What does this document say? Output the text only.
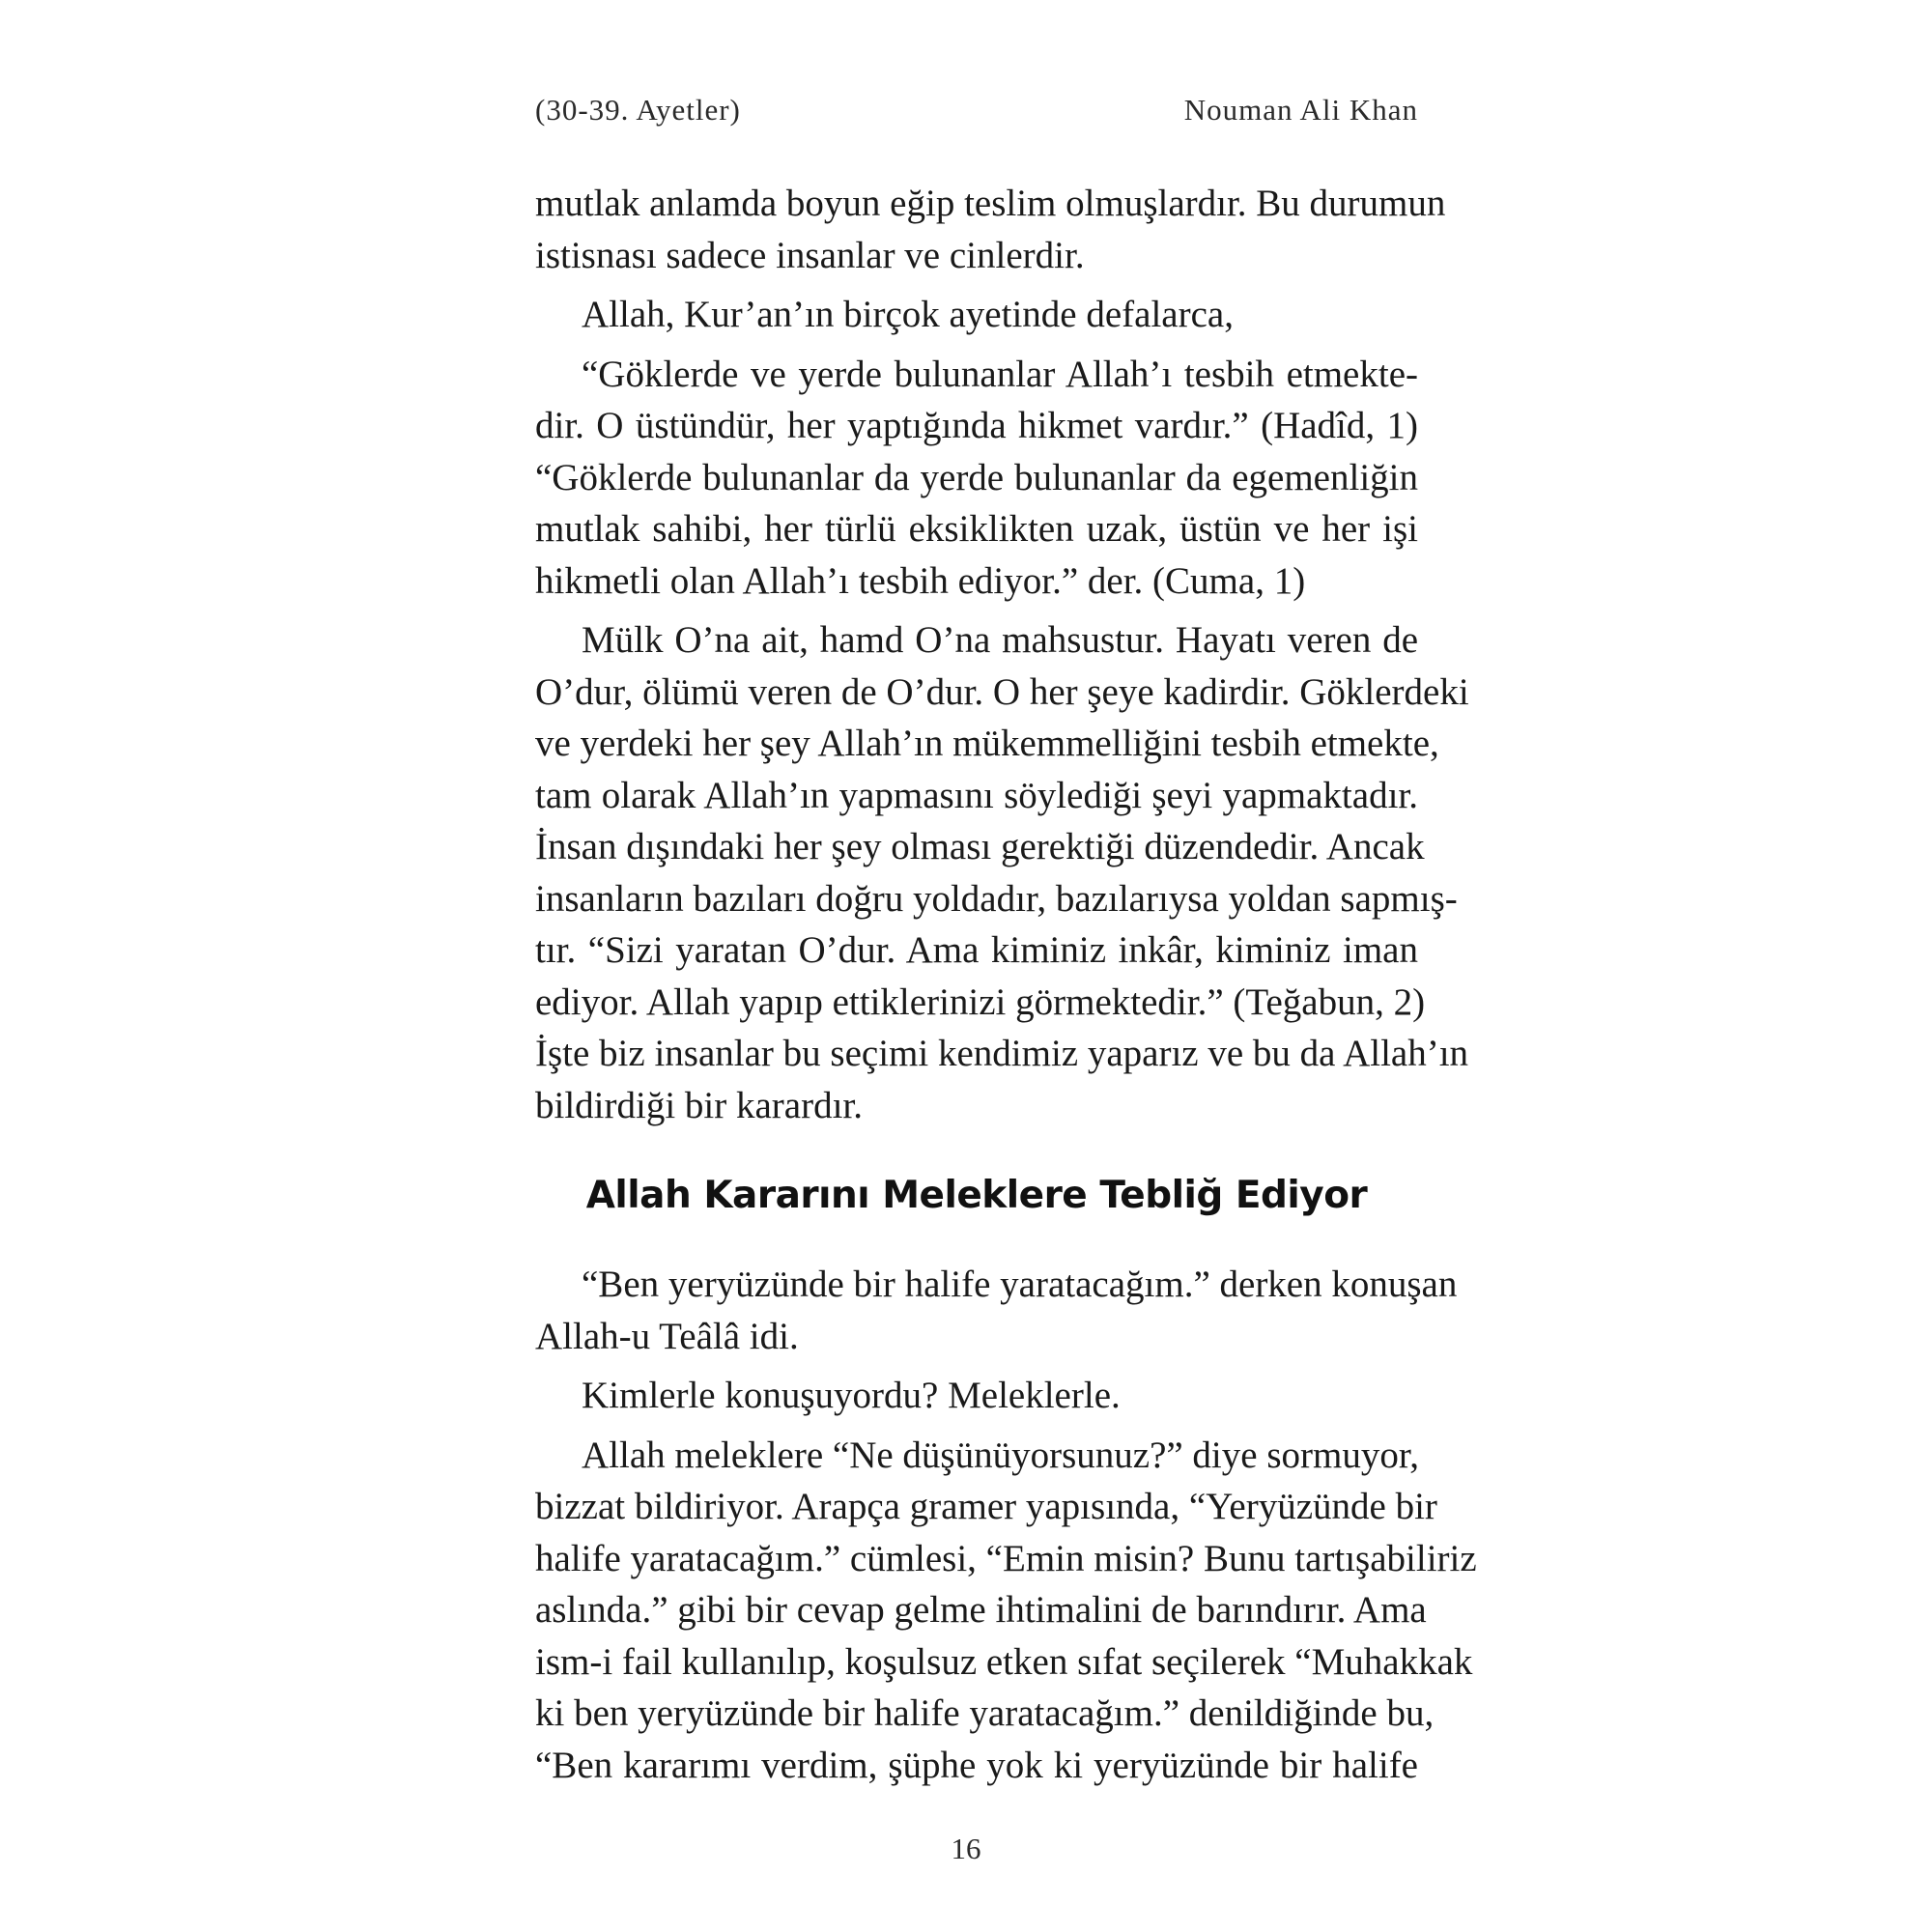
(30-39. Ayetler)	Nouman Ali Khan
mutlak anlamda boyun eğip teslim olmuşlardır. Bu durumun
istisnası sadece insanlar ve cinlerdir.
Allah, Kur’an’ın birçok ayetinde defalarca,
“Göklerde ve yerde bulunanlar Allah’ı tesbih etmekte-
dir. O üstündür, her yaptığında hikmet vardır.” (Hadîd, 1)
“Göklerde bulunanlar da yerde bulunanlar da egemenliğin
mutlak sahibi, her türlü eksiklikten uzak, üstün ve her işi
hikmetli olan Allah’ı tesbih ediyor.” der. (Cuma, 1)
Mülk O’na ait, hamd O’na mahsustur. Hayatı veren de
O’dur, ölümü veren de O’dur. O her şeye kadirdir. Göklerdeki
ve yerdeki her şey Allah’ın mükemmelliğini tesbih etmekte,
tam olarak Allah’ın yapmasını söylediği şeyi yapmaktadır.
İnsan dışındaki her şey olması gerektiği düzendedir. Ancak
insanların bazıları doğru yoldadır, bazılarıysa yoldan sapmış-
tır. “Sizi yaratan O’dur. Ama kiminiz inkâr, kiminiz iman
ediyor. Allah yapıp ettiklerinizi görmektedir.” (Teğabun, 2)
İşte biz insanlar bu seçimi kendimiz yaparız ve bu da Allah’ın
bildirdiği bir karardır.
Allah Kararını Meleklere Tebliğ Ediyor
“Ben yeryüzünde bir halife yaratacağım.” derken konuşan
Allah-u Teâlâ idi.
Kimlerle konuşuyordu? Meleklerle.
Allah meleklere “Ne düşünüyorsunuz?” diye sormuyor,
bizzat bildiriyor. Arapça gramer yapısında, “Yeryüzünde bir
halife yaratacağım.” cümlesi, “Emin misin? Bunu tartışabiliriz
aslında.” gibi bir cevap gelme ihtimalini de barındırır. Ama
ism-i fail kullanılıp, koşulsuz etken sıfat seçilerek “Muhakkak
ki ben yeryüzünde bir halife yaratacağım.” denildiğinde bu,
“Ben kararımı verdim, şüphe yok ki yeryüzünde bir halife
16
